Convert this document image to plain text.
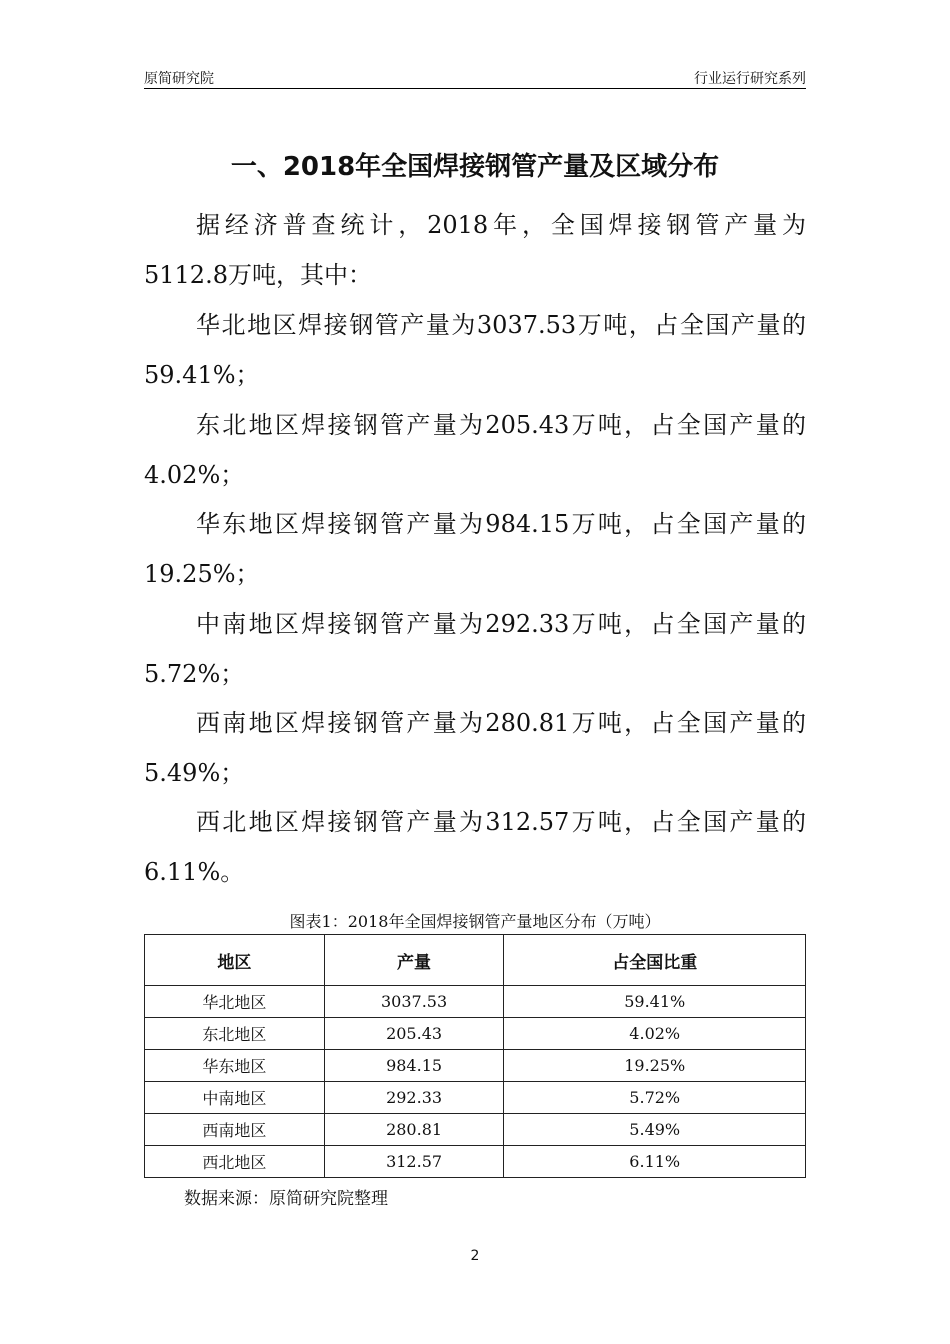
原简研究院	行业运行研究系列
一、2018年全国焊接钢管产量及区域分布
据经济普查统计，2018年，全国焊接钢管产量为
5112.8万吨，其中：
华北地区焊接钢管产量为3037.53万吨，占全国产量的
59.41%；
东北地区焊接钢管产量为205.43万吨，占全国产量的
4.02%；
华东地区焊接钢管产量为984.15万吨，占全国产量的
19.25%；
中南地区焊接钢管产量为292.33万吨，占全国产量的
5.72%；
西南地区焊接钢管产量为280.81万吨，占全国产量的
5.49%；
西北地区焊接钢管产量为312.57万吨，占全国产量的
6.11%。
图表1：2018年全国焊接钢管产量地区分布（万吨）
地区	产量	占全国比重
华北地区	3037.53	59.41%
东北地区	205.43	4.02%
华东地区	984.15	19.25%
中南地区	292.33	5.72%
西南地区	280.81	5.49%
西北地区	312.57	6.11%
数据来源：原简研究院整理
2
